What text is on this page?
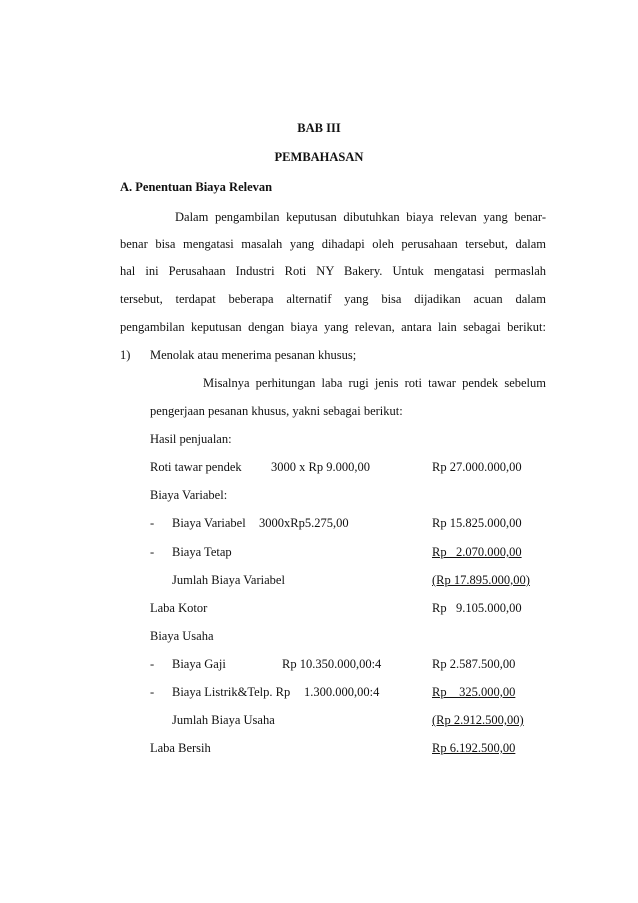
BAB III
PEMBAHASAN
A. Penentuan Biaya Relevan
Dalam pengambilan keputusan dibutuhkan biaya relevan yang benar-
benar bisa mengatasi masalah yang dihadapi oleh perusahaan tersebut, dalam
hal ini Perusahaan Industri Roti NY Bakery. Untuk mengatasi permaslah
tersebut, terdapat beberapa alternatif yang bisa dijadikan acuan dalam
pengambilan keputusan dengan biaya yang relevan, antara lain sebagai berikut:
1) Menolak atau menerima pesanan khusus;
Misalnya perhitungan laba rugi jenis roti tawar pendek sebelum
pengerjaan pesanan khusus, yakni sebagai berikut:
Hasil penjualan:
Roti tawar pendek 3000 x Rp 9.000,00	Rp 27.000.000,00
Biaya Variabel:
- Biaya Variabel 3000xRp5.275,00	Rp 15.825.000,00
- Biaya Tetap	Rp   2.070.000,00
Jumlah Biaya Variabel	(Rp 17.895.000,00)
Laba Kotor	Rp   9.105.000,00
Biaya Usaha
- Biaya Gaji	Rp 10.350.000,00:4	Rp 2.587.500,00
- Biaya Listrik&Telp. Rp 1.300.000,00:4	Rp    325.000,00
Jumlah Biaya Usaha	(Rp 2.912.500,00)
Laba Bersih	Rp 6.192.500,00
